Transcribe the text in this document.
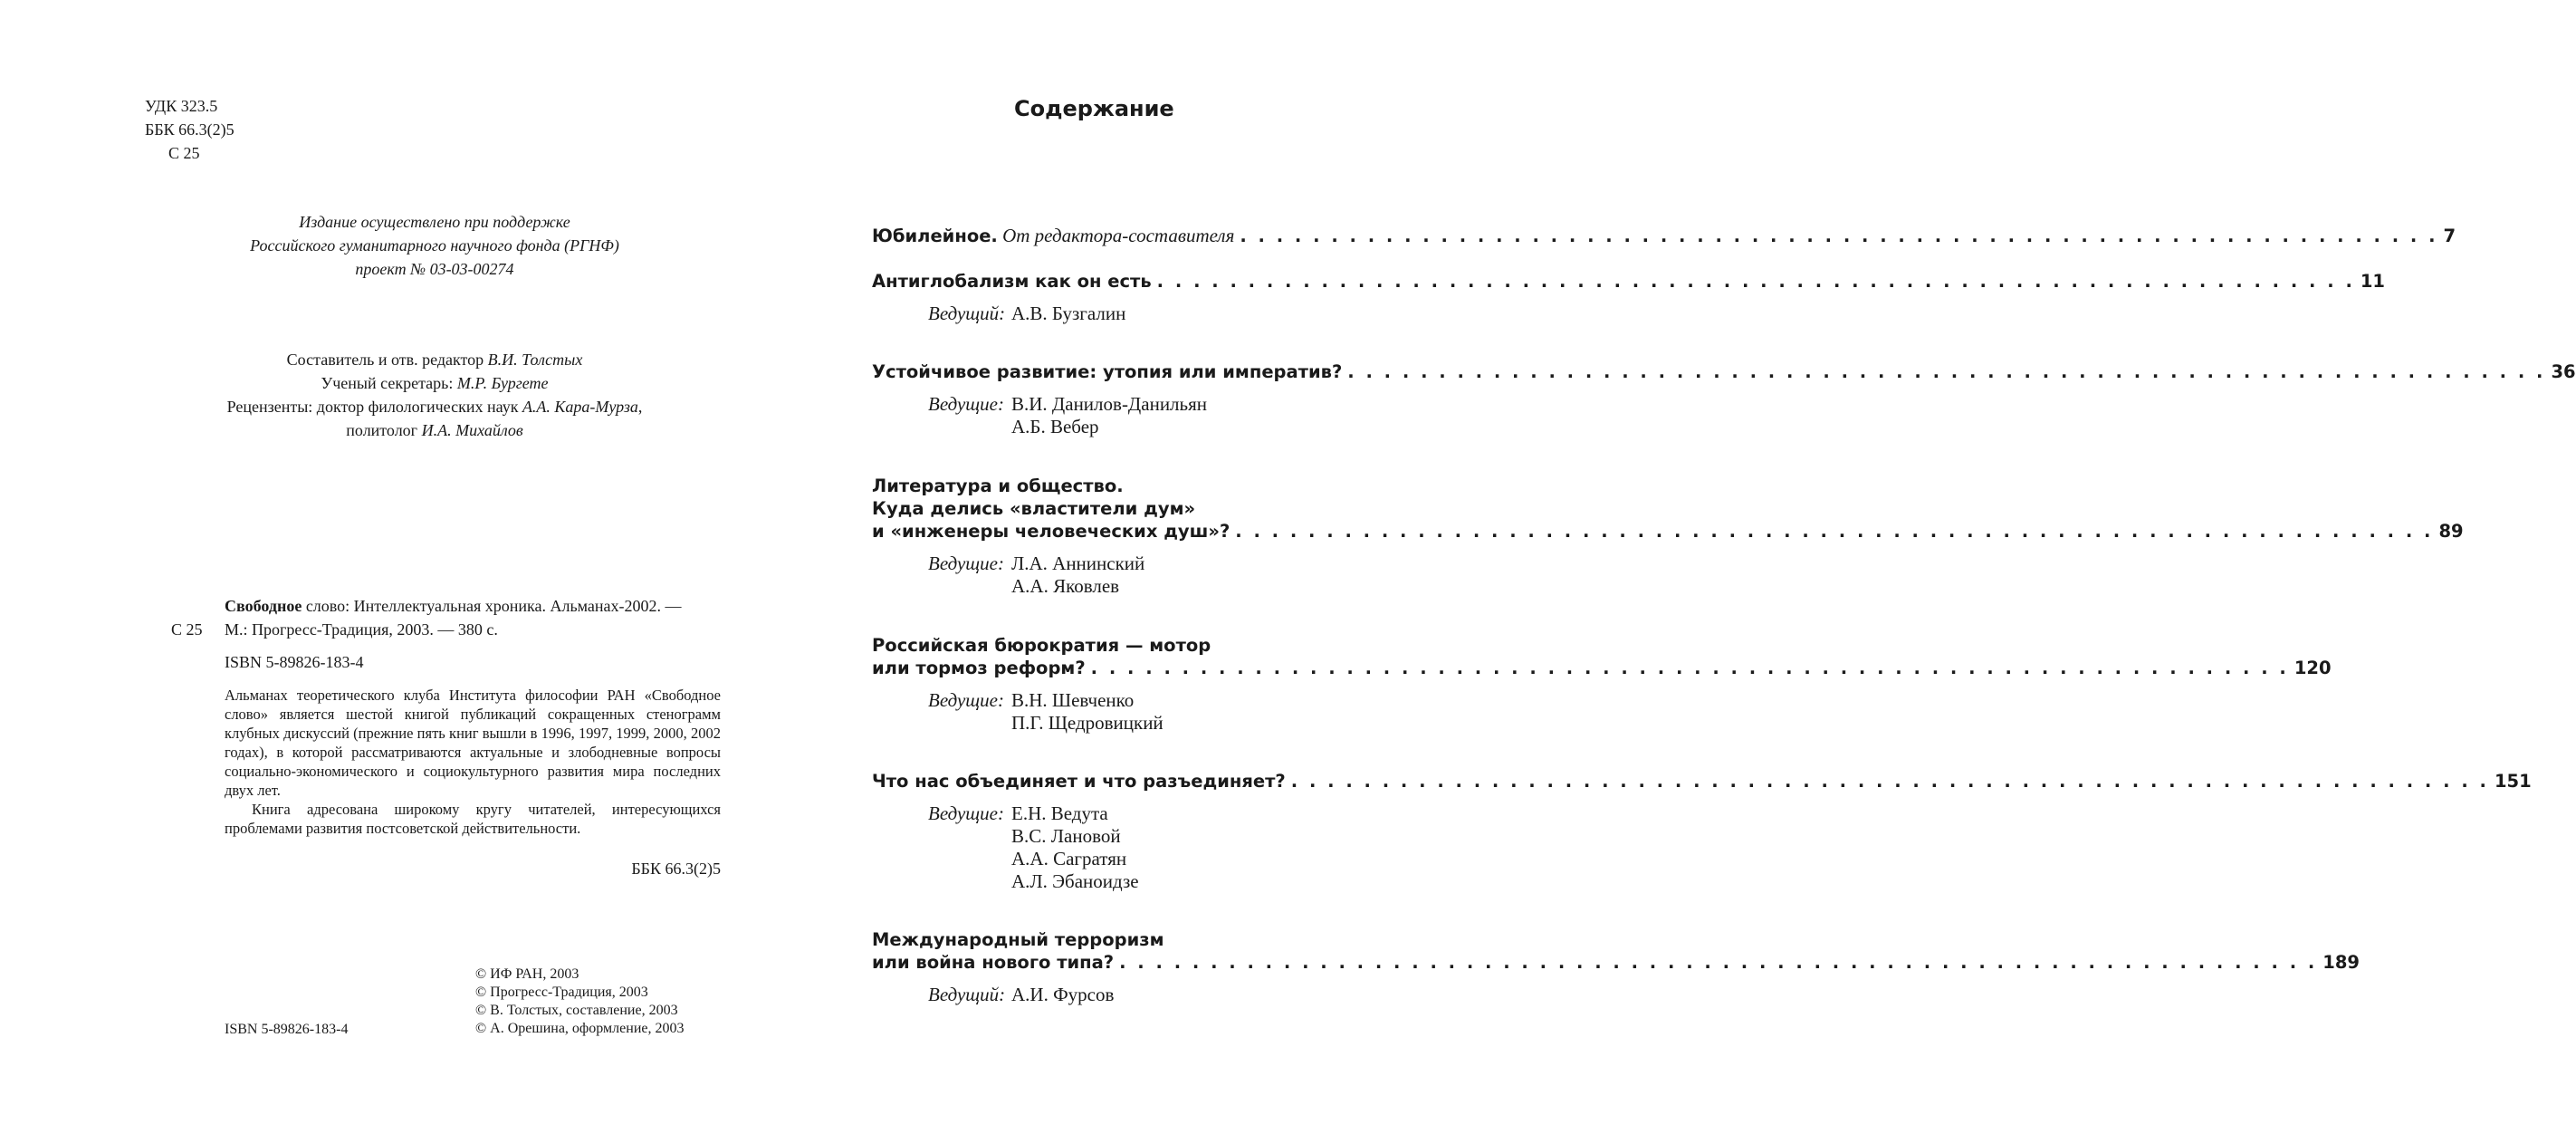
УДК 323.5
ББК 66.3(2)5
С 25
Издание осуществлено при поддержке
Российского гуманитарного научного фонда (РГНФ)
проект № 03-03-00274
Составитель и отв. редактор В.И. Толстых
Ученый секретарь: М.Р. Бургете
Рецензенты: доктор филологических наук А.А. Кара-Мурза,
политолог И.А. Михайлов
Свободное слово: Интеллектуальная хроника. Альманах-2002. —
С 25 М.: Прогресс-Традиция, 2003. — 380 с.
ISBN 5-89826-183-4

Альманах теоретического клуба Института философии РАН «Свободное слово» является шестой книгой публикаций сокращенных стенограмм клубных дискуссий (прежние пять книг вышли в 1996, 1997, 1999, 2000, 2002 годах), в которой рассматриваются актуальные и злободневные вопросы социально-экономического и социокультурного развития мира последних двух лет.

Книга адресована широкому кругу читателей, интересующихся проблемами развития постсоветской действительности.

ББК 66.3(2)5
© ИФ РАН, 2003
© Прогресс-Традиция, 2003
© В. Толстых, составление, 2003
© А. Орешина, оформление, 2003
ISBN 5-89826-183-4
Содержание
Юбилейное. От редактора-составителя . . . . . . . . . . . . . . . . . . . . . . . . . . . . . . . . . . . . . . . . . . . . . . . . . . . . . . . . . . . . . . . . . . 7
Антиглобализм как он есть . . . . . . . . . . . . . . . . . . . . . . . . . . . . . . . . . . . . . . . . . . . . . . . . . . . . . . . . . . . . . . . . . . 11
Ведущий: А.В. Бузгалин
Устойчивое развитие: утопия или императив? . . . . . . . . . . . . . . . . . . . . . . . . . . . . . . . . . . . . . . . . . . . . . . . . . . . . . . . . . . . . . . . . . . 36
Ведущие: В.И. Данилов-Данильян
А.Б. Вебер
Литература и общество.
Куда делись «властители дум»
и «инженеры человеческих душ»? . . . . . . . . . . . . . . . . . . . . . . . . . . . . . . . . . . . . . . . . . . . . . . . . . . . . . . . . . . . . . . . . . . 89
Ведущие: Л.А. Аннинский
А.А. Яковлев
Российская бюрократия — мотор
или тормоз реформ? . . . . . . . . . . . . . . . . . . . . . . . . . . . . . . . . . . . . . . . . . . . . . . . . . . . . . . . . . . . . . . . . . . 120
Ведущие: В.Н. Шевченко
П.Г. Щедровицкий
Что нас объединяет и что разъединяет? . . . . . . . . . . . . . . . . . . . . . . . . . . . . . . . . . . . . . . . . . . . . . . . . . . . . . . . . . . . . . . . . . . 151
Ведущие: Е.Н. Ведута
В.С. Лановой
А.А. Сагратян
А.Л. Эбаноидзе
Международный терроризм
или война нового типа? . . . . . . . . . . . . . . . . . . . . . . . . . . . . . . . . . . . . . . . . . . . . . . . . . . . . . . . . . . . . . . . . . . 189
Ведущий: А.И. Фурсов
